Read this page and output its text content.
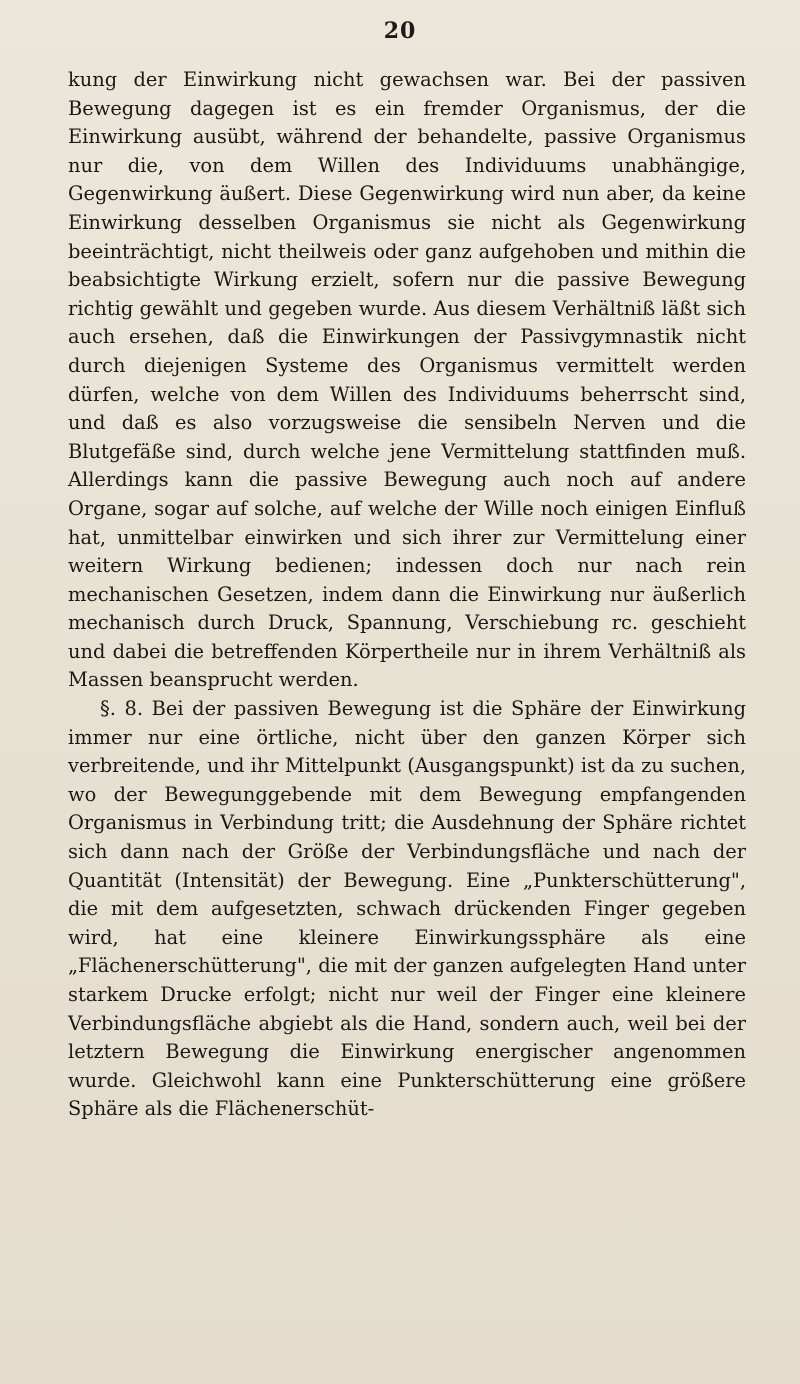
20

kung der Einwirkung nicht gewachsen war. Bei der passiven Bewegung dagegen ist es ein fremder Organismus, der die Einwirkung ausübt, während der behandelte, passive Organismus nur die, von dem Willen des Individuums unabhängige, Gegenwirkung äußert. Diese Gegenwirkung wird nun aber, da keine Einwirkung desselben Organismus sie nicht als Gegenwirkung beeinträchtigt, nicht theilweis oder ganz aufgehoben und mithin die beabsichtigte Wirkung erzielt, sofern nur die passive Bewegung richtig gewählt und gegeben wurde. Aus diesem Verhältniß läßt sich auch ersehen, daß die Einwirkungen der Passivgymnastik nicht durch diejenigen Systeme des Organismus vermittelt werden dürfen, welche von dem Willen des Individuums beherrscht sind, und daß es also vorzugsweise die sensibeln Nerven und die Blutgefäße sind, durch welche jene Vermittelung stattfinden muß. Allerdings kann die passive Bewegung auch noch auf andere Organe, sogar auf solche, auf welche der Wille noch einigen Einfluß hat, unmittelbar einwirken und sich ihrer zur Vermittelung einer weitern Wirkung bedienen; indessen doch nur nach rein mechanischen Gesetzen, indem dann die Einwirkung nur äußerlich mechanisch durch Druck, Spannung, Verschiebung rc. geschieht und dabei die betreffenden Körpertheile nur in ihrem Verhältniß als Massen beansprucht werden.

§. 8. Bei der passiven Bewegung ist die Sphäre der Einwirkung immer nur eine örtliche, nicht über den ganzen Körper sich verbreitende, und ihr Mittelpunkt (Ausgangspunkt) ist da zu suchen, wo der Bewegunggebende mit dem Bewegung empfangenden Organismus in Verbindung tritt; die Ausdehnung der Sphäre richtet sich dann nach der Größe der Verbindungsfläche und nach der Quantität (Intensität) der Bewegung. Eine „Punkterschütterung", die mit dem aufgesetzten, schwach drückenden Finger gegeben wird, hat eine kleinere Einwirkungssphäre als eine „Flächenerschütterung", die mit der ganzen aufgelegten Hand unter starkem Drucke erfolgt; nicht nur weil der Finger eine kleinere Verbindungsfläche abgiebt als die Hand, sondern auch, weil bei der letztern Bewegung die Einwirkung energischer angenommen wurde. Gleichwohl kann eine Punkterschütterung eine größere Sphäre als die Flächenerschüt-
